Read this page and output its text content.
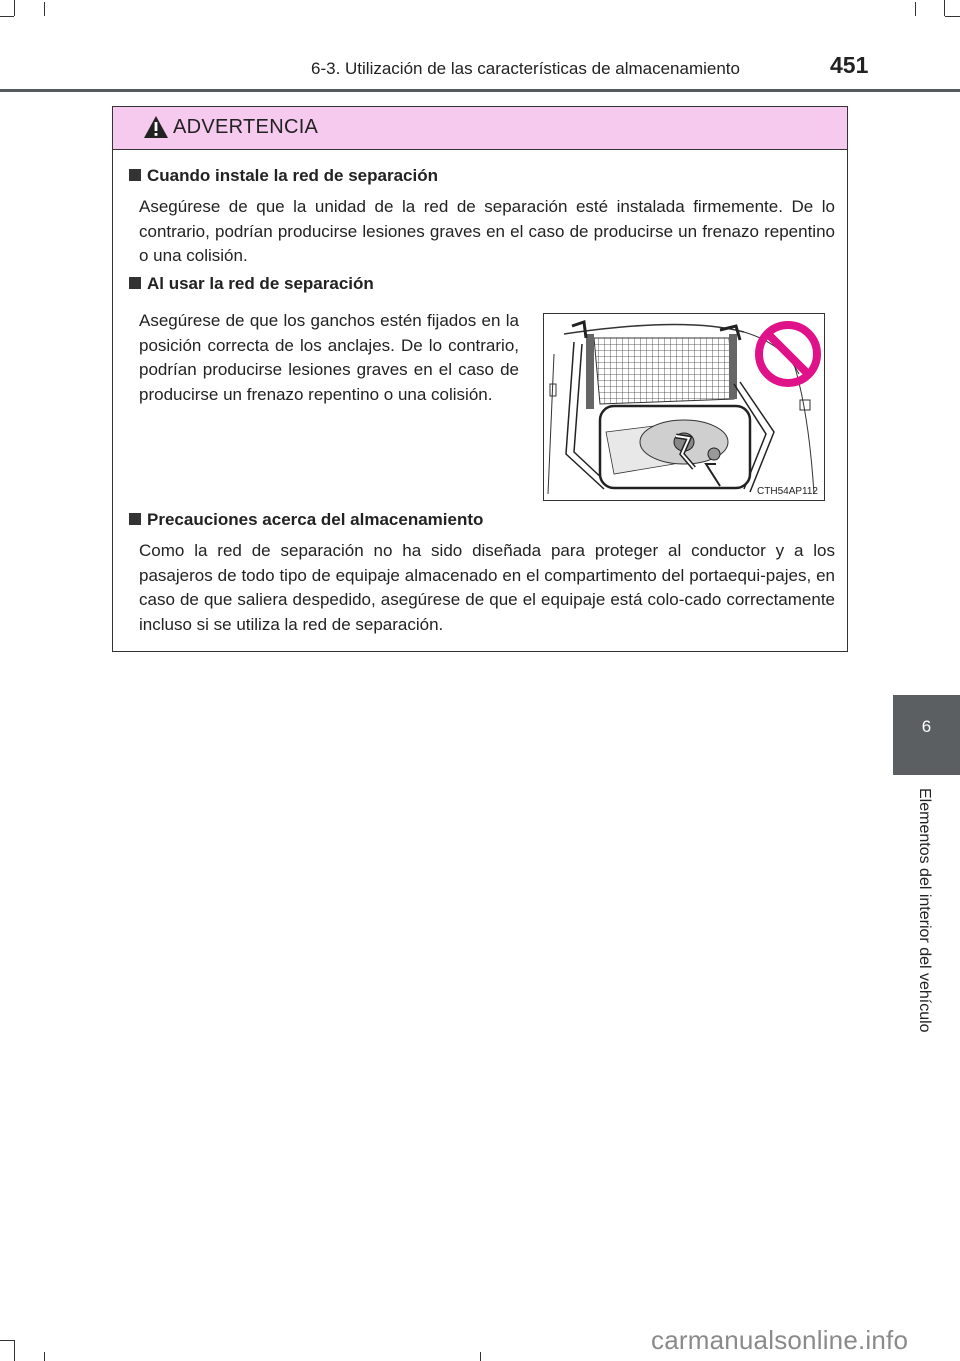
6-3. Utilización de las características de almacenamiento	451
ADVERTENCIA
Cuando instale la red de separación
Asegúrese de que la unidad de la red de separación esté instalada firmemente. De lo contrario, podrían producirse lesiones graves en el caso de producirse un frenazo repentino o una colisión.
Al usar la red de separación
Asegúrese de que los ganchos estén fijados en la posición correcta de los anclajes. De lo contrario, podrían producirse lesiones graves en el caso de producirse un frenazo repentino o una colisión.
CTH54AP112
Precauciones acerca del almacenamiento
Como la red de separación no ha sido diseñada para proteger al conductor y a los pasajeros de todo tipo de equipaje almacenado en el compartimento del portaequi-pajes, en caso de que saliera despedido, asegúrese de que el equipaje está colo-cado correctamente incluso si se utiliza la red de separación.
6
Elementos del interior del vehículo
carmanualsonline.info
